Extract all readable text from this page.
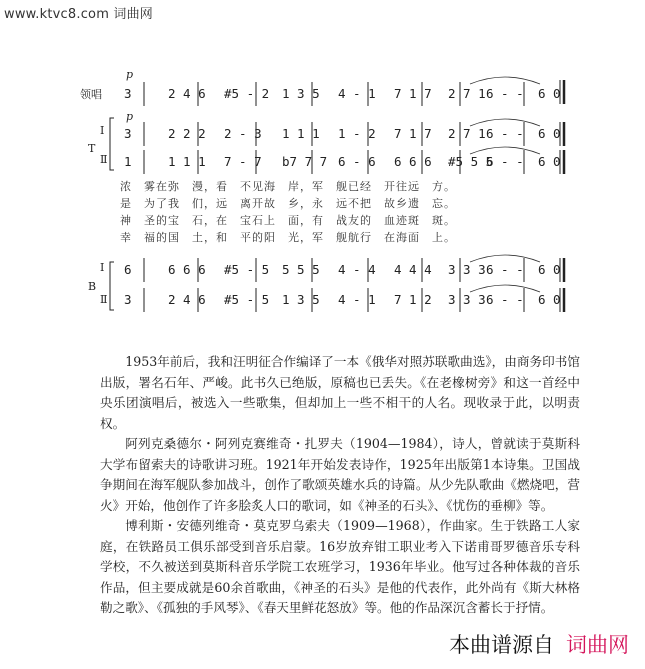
www.ktvc8.com 词曲网
3	2 4 6 #5 - 2 1 3 5 4 - 1 7 1 7 2 7 1 6 - - 6 0
3	2 2 2 2 - 3 1 1 1 1 - 2 7 1 7 2 7 1 6 - - 6 0
1	1 1 1 7 - 7 b7 7 7 6 - 6 6 6 6 #5 5 5
6 - - 6 0
6	6 6 6 #5 - 5 5 5 5 4 - 4 4 4 4 3 3 3 6 - - 6 0
3	2 4 6 #5 - 5 1 3 5 4 - 1 7 1 2 3 3 3 6 - - 6 0
领唱
T
Ⅰ
Ⅱ
B
Ⅰ
Ⅱ
p
p
浓　雾在弥　漫，看　不见海　岸，军　舰已经　开往远　方。
是　为了我　们，远　离开故　乡，永　远不把　故乡遗　忘。
神　圣的宝　石，在　宝石上　面，有　战友的　血迹斑　斑。
幸　福的国　土，和　平的阳　光，军　舰航行　在海面　上。

1953年前后，我和汪明征合作编译了一本《俄华对照苏联歌曲选》，由商务印书馆出版，署名石年、严峻。此书久已绝版，原稿也已丢失。《在老橡树旁》和这一首经中央乐团演唱后，被选入一些歌集，但却加上一些不相干的人名。现收录于此，以明责权。

阿列克桑德尔・阿列克赛维奇・扎罗夫（1904—1984），诗人，曾就读于莫斯科大学布留索夫的诗歌讲习班。1921年开始发表诗作，1925年出版第1本诗集。卫国战争期间在海军舰队参加战斗，创作了歌颂英雄水兵的诗篇。从少先队歌曲《燃烧吧，营火》开始，他创作了许多脍炙人口的歌词，如《神圣的石头》、《忧伤的垂柳》等。

博利斯・安德列维奇・莫克罗乌索夫（1909—1968），作曲家。生于铁路工人家庭，在铁路员工俱乐部受到音乐启蒙。16岁放弃钳工职业考入下诺甫哥罗德音乐专科学校，不久被送到莫斯科音乐学院工农班学习，1936年毕业。他写过各种体裁的音乐作品，但主要成就是60余首歌曲，《神圣的石头》是他的代表作，此外尚有《斯大林格勒之歌》、《孤独的手风琴》、《春天里鲜花怒放》等。他的作品深沉含蓄长于抒情。

本曲谱源自 词曲网
